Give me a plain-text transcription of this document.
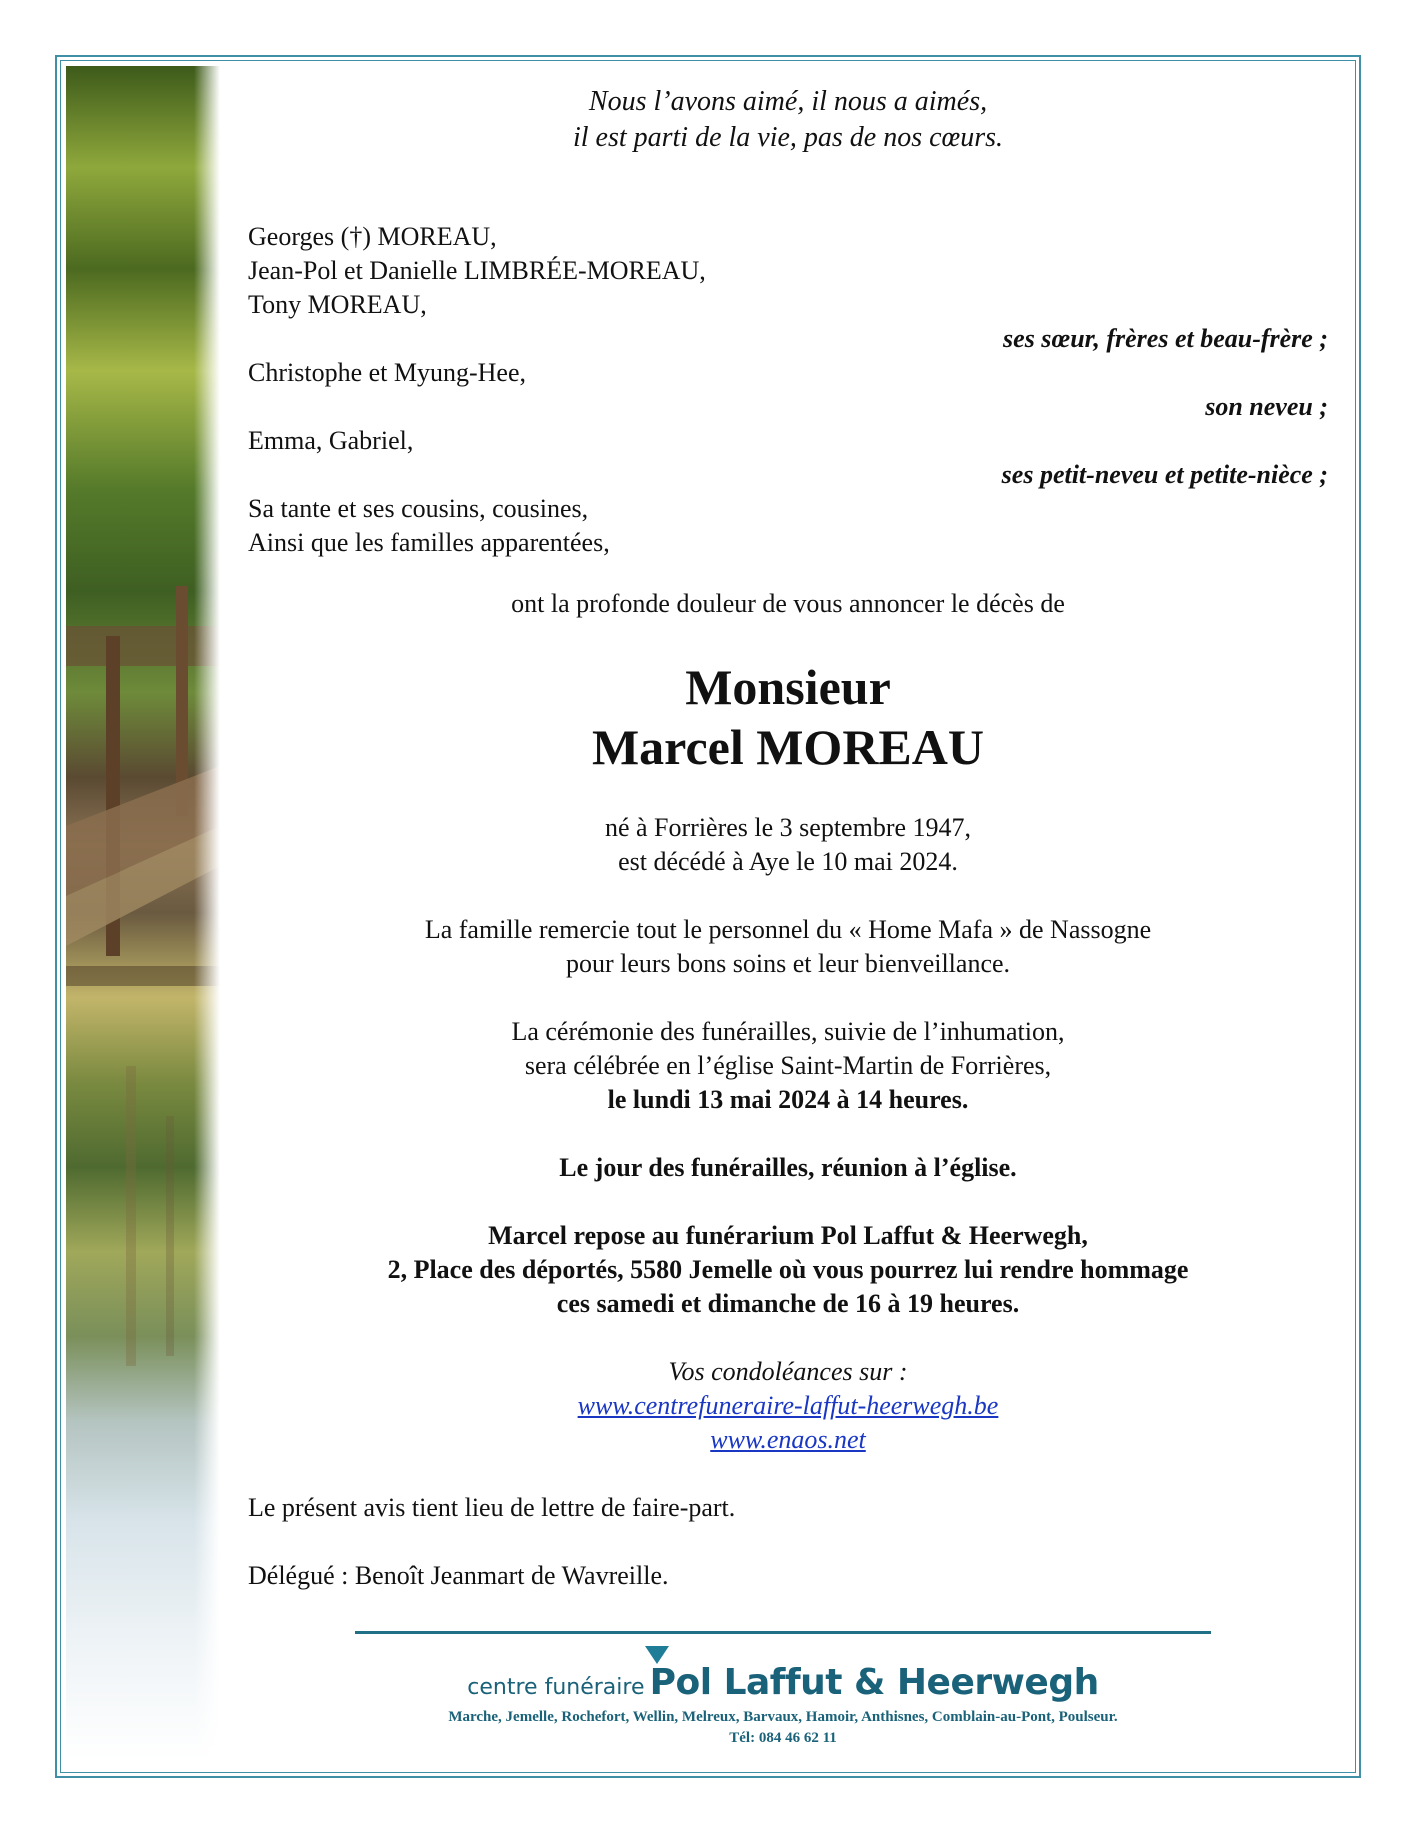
Nous l’avons aimé, il nous a aimés,
il est parti de la vie, pas de nos cœurs.
Georges (†) MOREAU,
Jean-Pol et Danielle LIMBRÉE-MOREAU,
Tony MOREAU,
ses sœur, frères et beau-frère ;
Christophe et Myung-Hee,
son neveu ;
Emma, Gabriel,
ses petit-neveu et petite-nièce ;
Sa tante et ses cousins, cousines,
Ainsi que les familles apparentées,
ont la profonde douleur de vous annoncer le décès de
Monsieur
Marcel MOREAU
né à Forrières le 3 septembre 1947,
est décédé à Aye le 10 mai 2024.
La famille remercie tout le personnel du « Home Mafa » de Nassogne
pour leurs bons soins et leur bienveillance.
La cérémonie des funérailles, suivie de l’inhumation,
sera célébrée en l’église Saint-Martin de Forrières,
le lundi 13 mai 2024 à 14 heures.
Le jour des funérailles, réunion à l’église.
Marcel repose au funérarium Pol Laffut & Heerwegh,
2, Place des déportés, 5580 Jemelle où vous pourrez lui rendre hommage
ces samedi et dimanche de 16 à 19 heures.
Vos condoléances sur :
www.centrefuneraire-laffut-heerwegh.be
www.enaos.net
Le présent avis tient lieu de lettre de faire-part.
Délégué : Benoît Jeanmart de Wavreille.
centre funéraire Pol Laffut & Heerwegh
Marche, Jemelle, Rochefort, Wellin, Melreux, Barvaux, Hamoir, Anthisnes, Comblain-au-Pont, Poulseur.
Tél: 084 46 62 11
